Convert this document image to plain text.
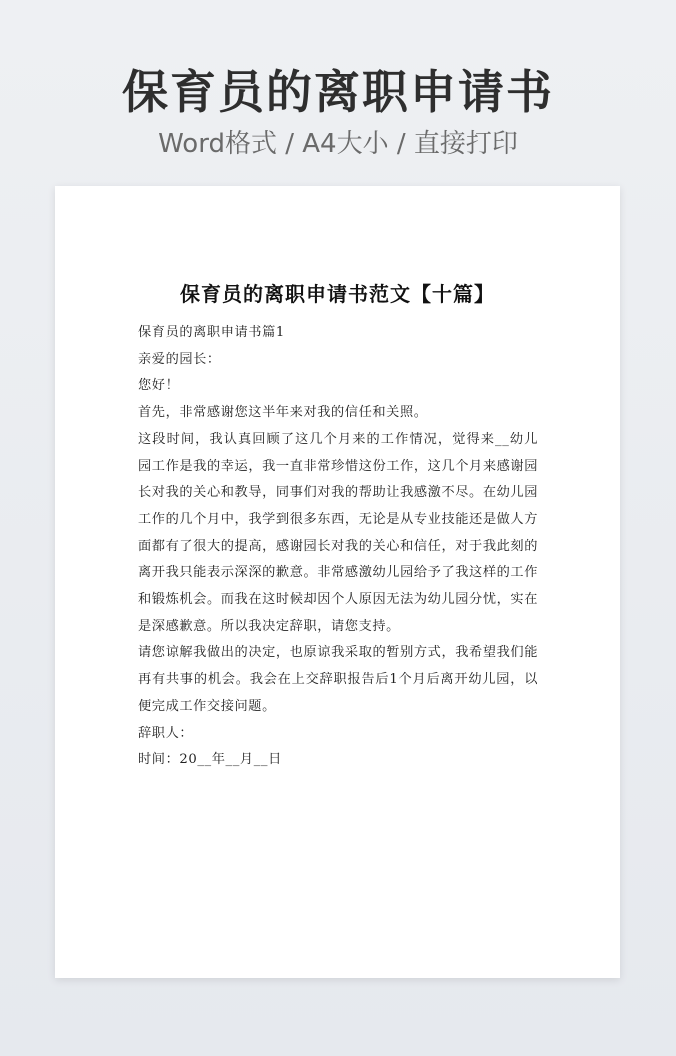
保育员的离职申请书
Word格式 / A4大小 / 直接打印
保育员的离职申请书范文【十篇】

保育员的离职申请书篇1

亲爱的园长：

您好！

首先，非常感谢您这半年来对我的信任和关照。

这段时间，我认真回顾了这几个月来的工作情况，觉得来__幼儿园工作是我的幸运，我一直非常珍惜这份工作，这几个月来感谢园长对我的关心和教导，同事们对我的帮助让我感激不尽。在幼儿园工作的几个月中，我学到很多东西，无论是从专业技能还是做人方面都有了很大的提高，感谢园长对我的关心和信任，对于我此刻的离开我只能表示深深的歉意。非常感激幼儿园给予了我这样的工作和锻炼机会。而我在这时候却因个人原因无法为幼儿园分忧，实在是深感歉意。所以我决定辞职，请您支持。

请您谅解我做出的决定，也原谅我采取的暂别方式，我希望我们能再有共事的机会。我会在上交辞职报告后1个月后离开幼儿园，以便完成工作交接问题。

辞职人：

时间：20__年__月__日
